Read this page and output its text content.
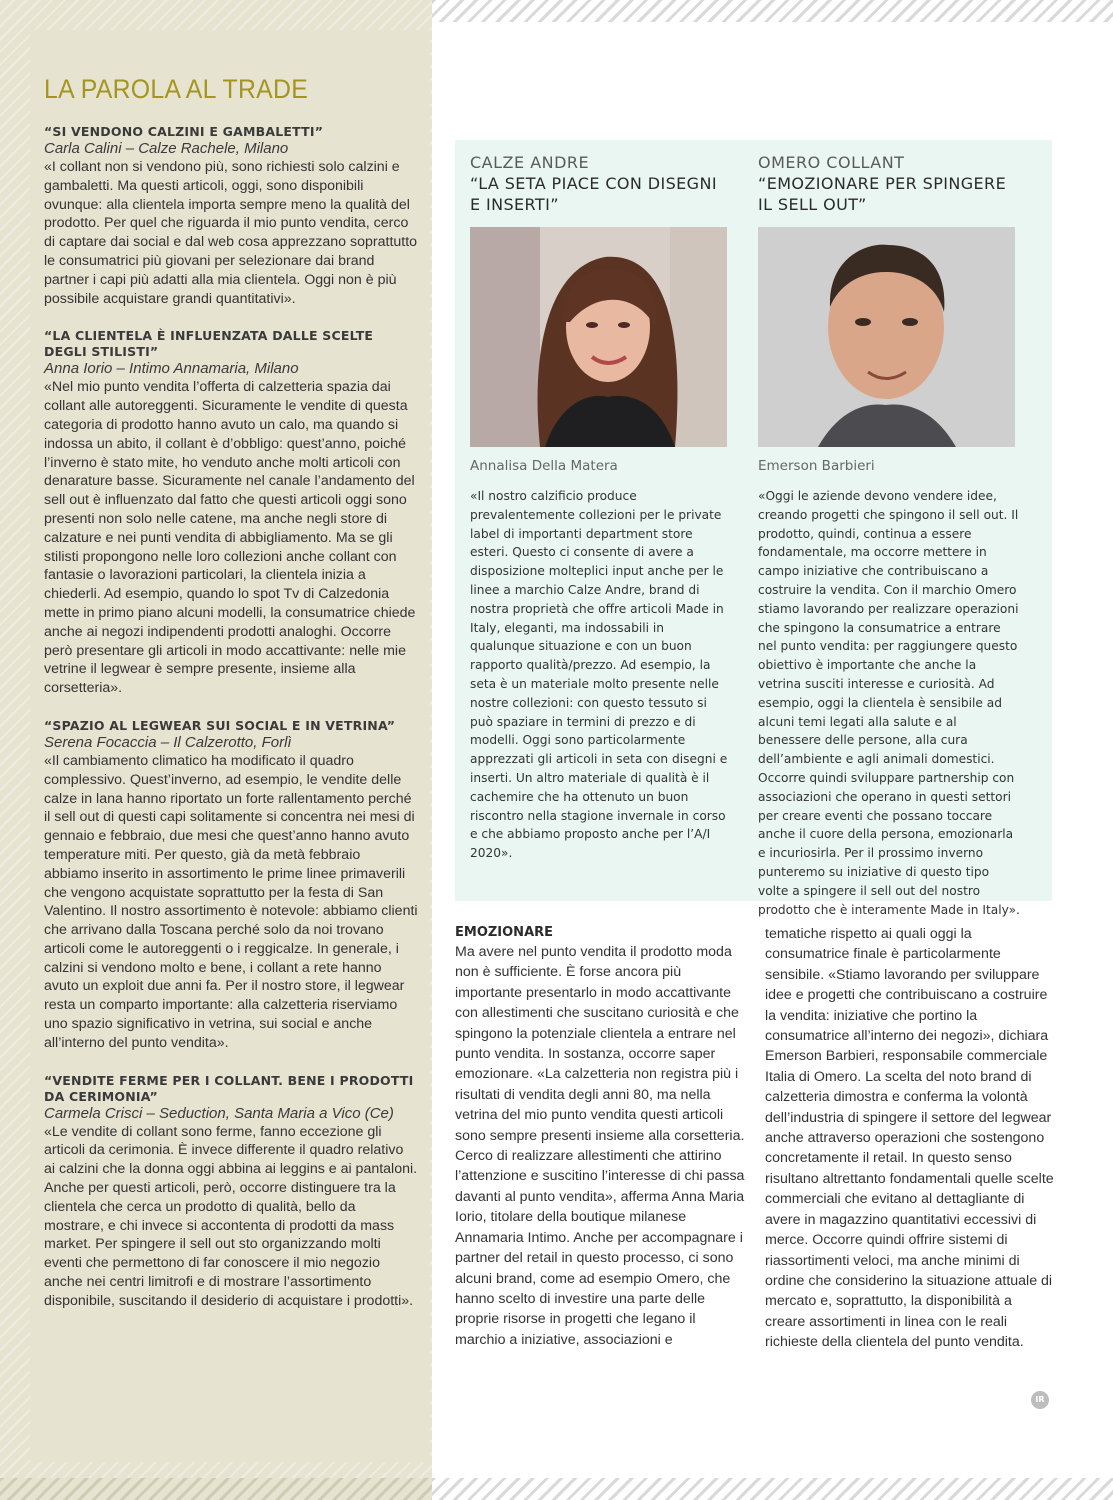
LA PAROLA AL TRADE
“SI VENDONO CALZINI E GAMBALETTI”
Carla Calini – Calze Rachele, Milano
«I collant non si vendono più, sono richiesti solo calzini e gambaletti. Ma questi articoli, oggi, sono disponibili ovunque: alla clientela importa sempre meno la qualità del prodotto. Per quel che riguarda il mio punto vendita, cerco di captare dai social e dal web cosa apprezzano soprattutto le consumatrici più giovani per selezionare dai brand partner i capi più adatti alla mia clientela. Oggi non è più possibile acquistare grandi quantitativi».
“LA CLIENTELA È INFLUENZATA DALLE SCELTE DEGLI STILISTI”
Anna Iorio – Intimo Annamaria, Milano
«Nel mio punto vendita l’offerta di calzetteria spazia dai collant alle autoreggenti. Sicuramente le vendite di questa categoria di prodotto hanno avuto un calo, ma quando si indossa un abito, il collant è d’obbligo: quest’anno, poiché l’inverno è stato mite, ho venduto anche molti articoli con denarature basse. Sicuramente nel canale l’andamento del sell out è influenzato dal fatto che questi articoli oggi sono presenti non solo nelle catene, ma anche negli store di calzature e nei punti vendita di abbigliamento. Ma se gli stilisti propongono nelle loro collezioni anche collant con fantasie o lavorazioni particolari, la clientela inizia a chiederli. Ad esempio, quando lo spot Tv di Calzedonia mette in primo piano alcuni modelli, la consumatrice chiede anche ai negozi indipendenti prodotti analoghi. Occorre però presentare gli articoli in modo accattivante: nelle mie vetrine il legwear è sempre presente, insieme alla corsetteria».
“SPAZIO AL LEGWEAR SUI SOCIAL E IN VETRINA”
Serena Focaccia – Il Calzerotto, Forlì
«Il cambiamento climatico ha modificato il quadro complessivo. Quest’inverno, ad esempio, le vendite delle calze in lana hanno riportato un forte rallentamento perché il sell out di questi capi solitamente si concentra nei mesi di gennaio e febbraio, due mesi che quest’anno hanno avuto temperature miti. Per questo, già da metà febbraio abbiamo inserito in assortimento le prime linee primaverili che vengono acquistate soprattutto per la festa di San Valentino. Il nostro assortimento è notevole: abbiamo clienti che arrivano dalla Toscana perché solo da noi trovano articoli come le autoreggenti o i reggicalze. In generale, i calzini si vendono molto e bene, i collant a rete hanno avuto un exploit due anni fa. Per il nostro store, il legwear resta un comparto importante: alla calzetteria riserviamo uno spazio significativo in vetrina, sui social e anche all’interno del punto vendita».
“VENDITE FERME PER I COLLANT. BENE I PRODOTTI DA CERIMONIA”
Carmela Crisci – Seduction, Santa Maria a Vico (Ce)
«Le vendite di collant sono ferme, fanno eccezione gli articoli da cerimonia. È invece differente il quadro relativo ai calzini che la donna oggi abbina ai leggins e ai pantaloni. Anche per questi articoli, però, occorre distinguere tra la clientela che cerca un prodotto di qualità, bello da mostrare, e chi invece si accontenta di prodotti da mass market. Per spingere il sell out sto organizzando molti eventi che permettono di far conoscere il mio negozio anche nei centri limitrofi e di mostrare l’assortimento disponibile, suscitando il desiderio di acquistare i prodotti».
CALZE ANDRE
“LA SETA PIACE CON DISEGNI E INSERTI”
Annalisa Della Matera
«Il nostro calzificio produce prevalentemente collezioni per le private label di importanti department store esteri. Questo ci consente di avere a disposizione molteplici input anche per le linee a marchio Calze Andre, brand di nostra proprietà che offre articoli Made in Italy, eleganti, ma indossabili in qualunque situazione e con un buon rapporto qualità/prezzo. Ad esempio, la seta è un materiale molto presente nelle nostre collezioni: con questo tessuto si può spaziare in termini di prezzo e di modelli. Oggi sono particolarmente apprezzati gli articoli in seta con disegni e inserti. Un altro materiale di qualità è il cachemire che ha ottenuto un buon riscontro nella stagione invernale in corso e che abbiamo proposto anche per l’A/I 2020».
OMERO COLLANT
“EMOZIONARE PER SPINGERE IL SELL OUT”
Emerson Barbieri
«Oggi le aziende devono vendere idee, creando progetti che spingono il sell out. Il prodotto, quindi, continua a essere fondamentale, ma occorre mettere in campo iniziative che contribuiscano a costruire la vendita. Con il marchio Omero stiamo lavorando per realizzare operazioni che spingono la consumatrice a entrare nel punto vendita: per raggiungere questo obiettivo è importante che anche la vetrina susciti interesse e curiosità. Ad esempio, oggi la clientela è sensibile ad alcuni temi legati alla salute e al benessere delle persone, alla cura dell’ambiente e agli animali domestici. Occorre quindi sviluppare partnership con associazioni che operano in questi settori per creare eventi che possano toccare anche il cuore della persona, emozionarla e incuriosirla. Per il prossimo inverno punteremo su iniziative di questo tipo volte a spingere il sell out del nostro prodotto che è interamente Made in Italy».
EMOZIONARE
Ma avere nel punto vendita il prodotto moda non è sufficiente. È forse ancora più importante presentarlo in modo accattivante con allestimenti che suscitano curiosità e che spingono la potenziale clientela a entrare nel punto vendita. In sostanza, occorre saper emozionare. «La calzetteria non registra più i risultati di vendita degli anni 80, ma nella vetrina del mio punto vendita questi articoli sono sempre presenti insieme alla corsetteria. Cerco di realizzare allestimenti che attirino l’attenzione e suscitino l’interesse di chi passa davanti al punto vendita», afferma Anna Maria Iorio, titolare della boutique milanese Annamaria Intimo. Anche per accompagnare i partner del retail in questo processo, ci sono alcuni brand, come ad esempio Omero, che hanno scelto di investire una parte delle proprie risorse in progetti che legano il marchio a iniziative, associazioni e
tematiche rispetto ai quali oggi la consumatrice finale è particolarmente sensibile. «Stiamo lavorando per sviluppare idee e progetti che contribuiscano a costruire la vendita: iniziative che portino la consumatrice all’interno dei negozi», dichiara Emerson Barbieri, responsabile commerciale Italia di Omero. La scelta del noto brand di calzetteria dimostra e conferma la volontà dell’industria di spingere il settore del legwear anche attraverso operazioni che sostengono concretamente il retail. In questo senso risultano altrettanto fondamentali quelle scelte commerciali che evitano al dettagliante di avere in magazzino quantitativi eccessivi di merce. Occorre quindi offrire sistemi di riassortimenti veloci, ma anche minimi di ordine che considerino la situazione attuale di mercato e, soprattutto, la disponibilità a creare assortimenti in linea con le reali richieste della clientela del punto vendita.
IR
